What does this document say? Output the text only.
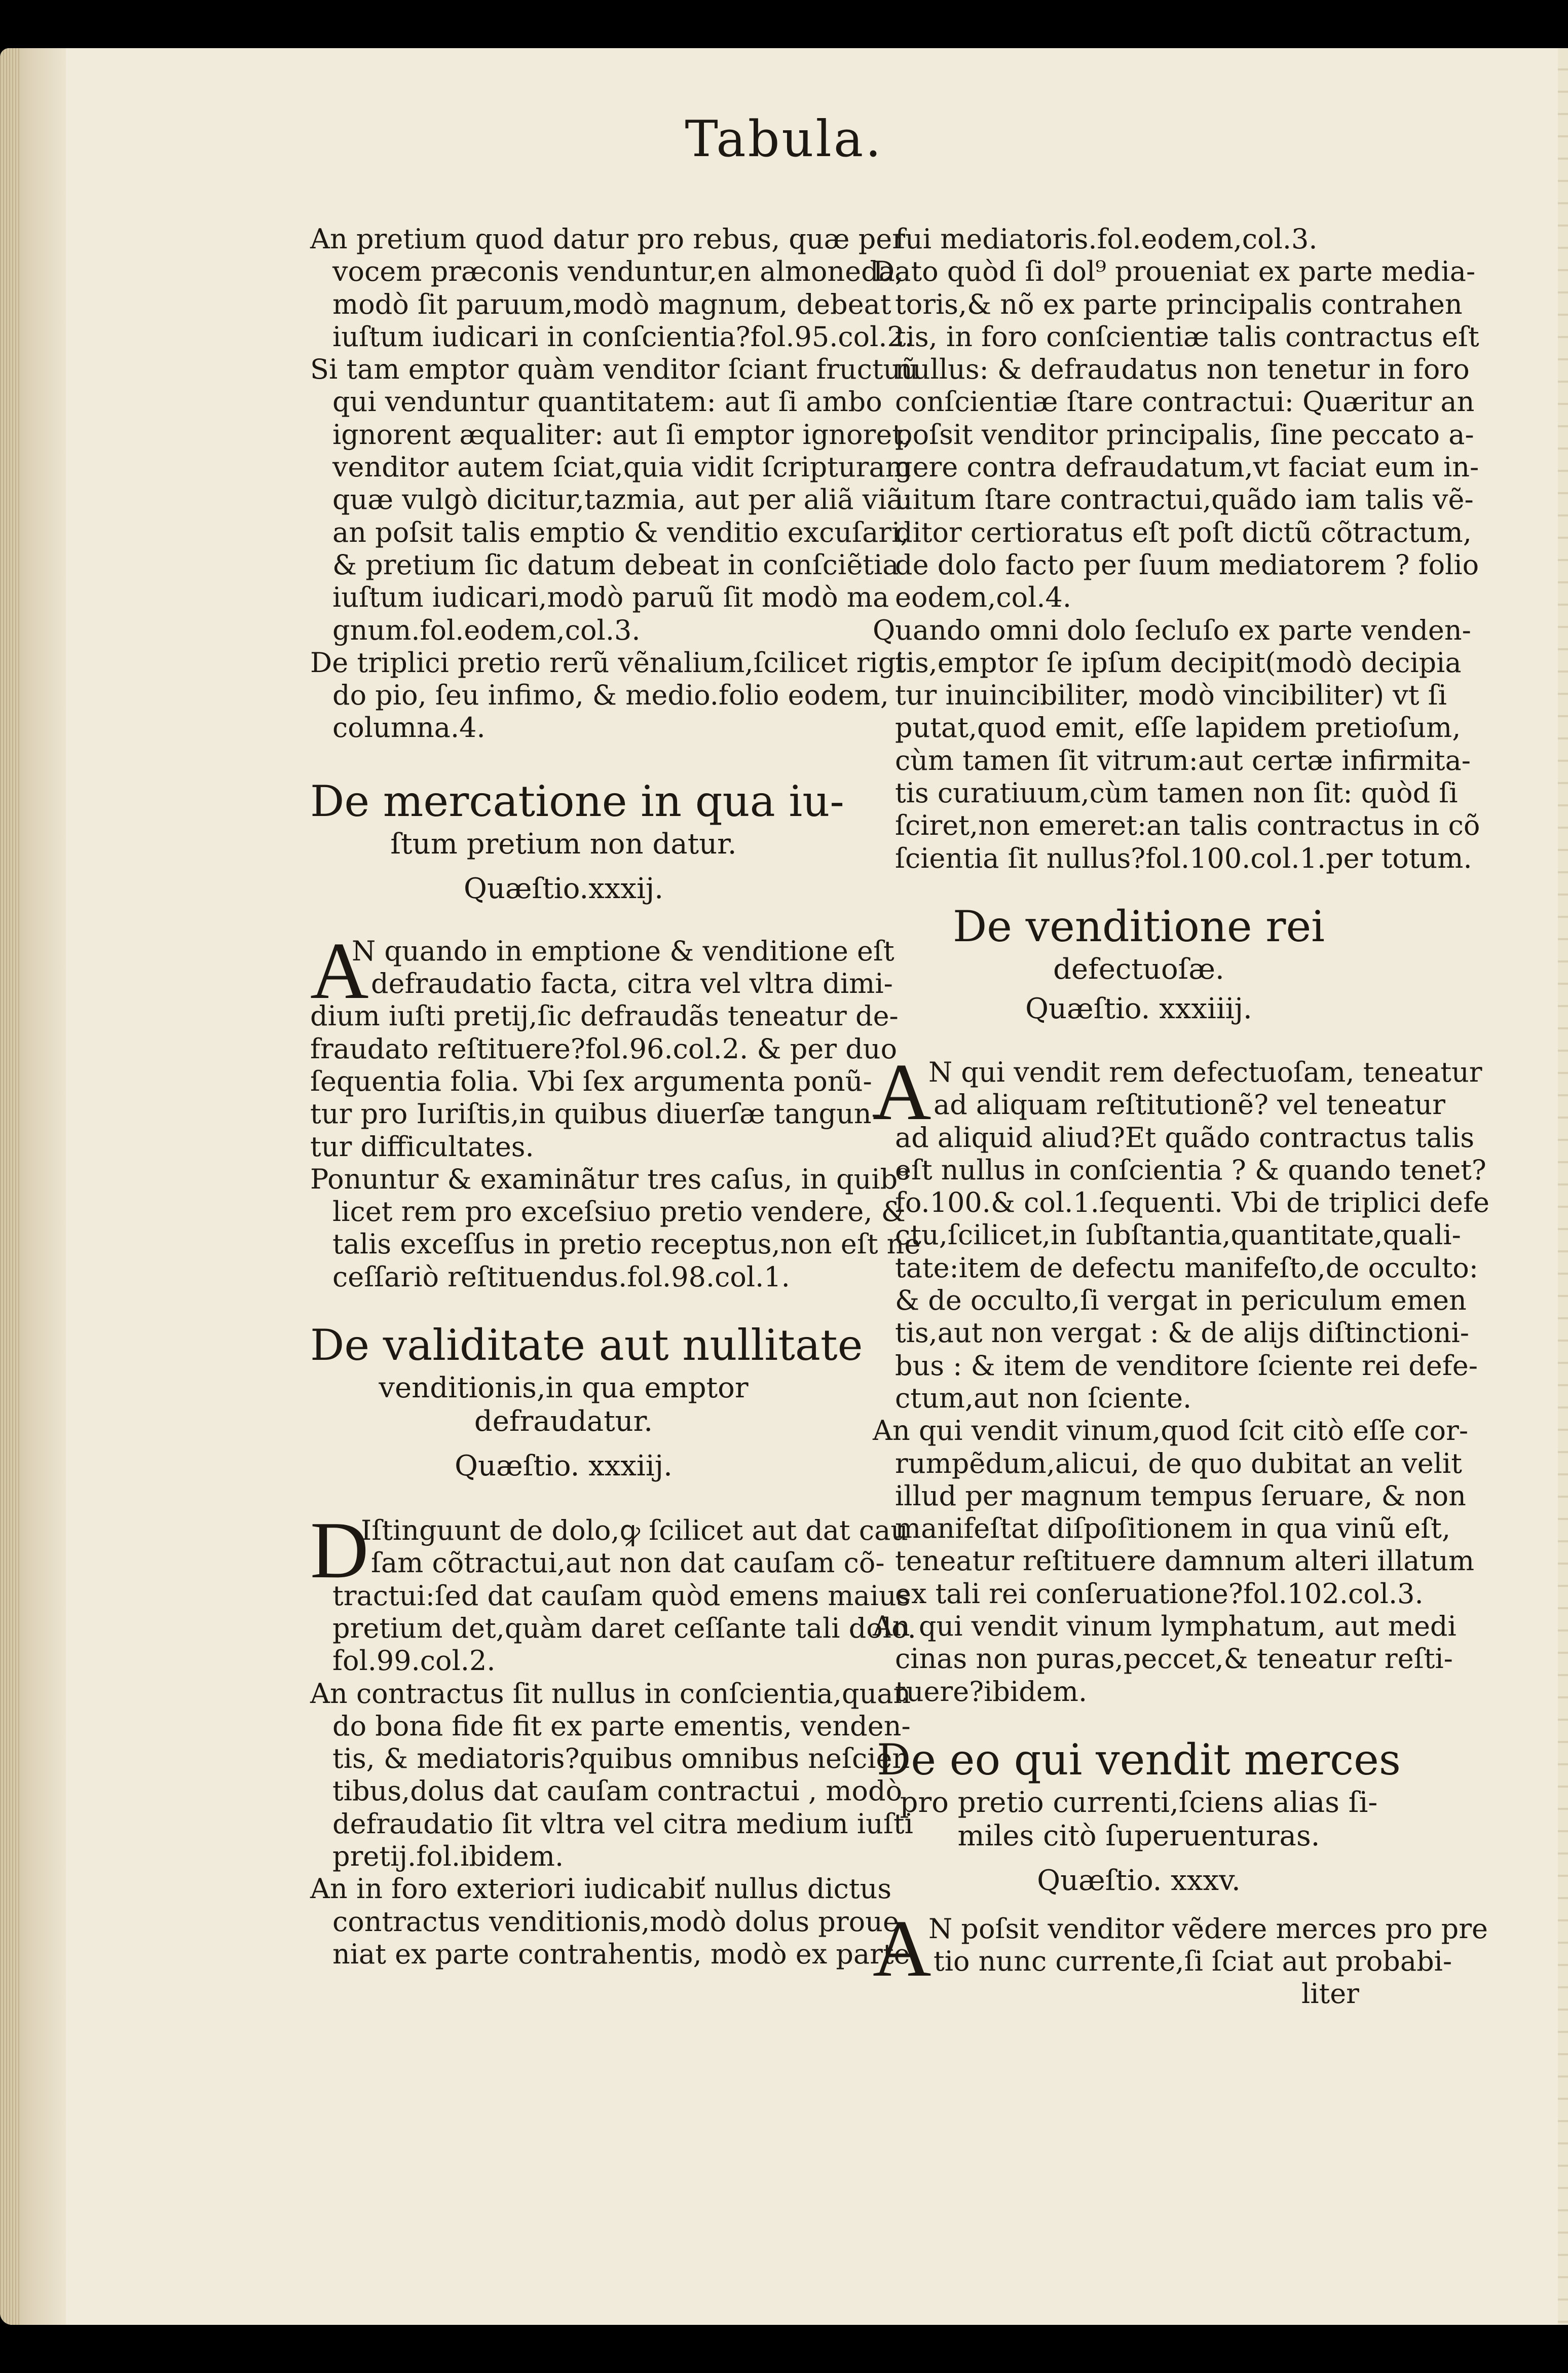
Tabula.

An pretium quod datur pro rebus, quæ per
vocem præconis venduntur,en almoneda,
modò ſit paruum,modò magnum, debeat
iuſtum iudicari in conſcientia?fol.95.col.2.

Si tam emptor quàm venditor ſciant fructuũ
qui venduntur quantitatem: aut ſi ambo
ignorent æqualiter: aut ſi emptor ignoret,
venditor autem ſciat,quia vidit ſcripturam
quæ vulgò dicitur,tazmia, aut per aliã viã:
an poſsit talis emptio & venditio excuſari,
& pretium ſic datum debeat in conſciẽtia
iuſtum iudicari,modò paruũ ſit modò ma
gnum.fol.eodem,col.3.

De triplici pretio rerũ vẽnalium,ſcilicet rigi
do pio, ſeu infimo, & medio.folio eodem,
columna.4.

De mercatione in qua iu-
ſtum pretium non datur.
Quæſtio.xxxij.
A
N quando in emptione & venditione eſt
defraudatio facta, citra vel vltra dimi-
dium iuſti pretij,ſic defraudãs teneatur de-
fraudato reſtituere?fol.96.col.2. & per duo
ſequentia folia. Vbi ſex argumenta ponũ-
tur pro Iuriſtis,in quibus diuerſæ tangun-
tur difficultates.

Ponuntur & examinãtur tres caſus, in quib⁹
licet rem pro exceſsiuo pretio vendere, &
talis exceſſus in pretio receptus,non eſt ne
ceſſariò reſtituendus.fol.98.col.1.

De validitate aut nullitate
venditionis,in qua emptor
defraudatur.
Quæſtio. xxxiij.
D
Iſtinguunt de dolo,ꝙ ſcilicet aut dat cau
ſam cõtractui,aut non dat cauſam cõ-
tractui:ſed dat cauſam quòd emens maius
pretium det,quàm daret ceſſante tali dolo.
fol.99.col.2.

An contractus ſit nullus in conſcientia,quan
do bona fide fit ex parte ementis, venden-
tis, & mediatoris?quibus omnibus neſcien
tibus,dolus dat cauſam contractui , modò
defraudatio ſit vltra vel citra medium iuſti
pretij.fol.ibidem.

An in foro exteriori iudicabiť nullus dictus
contractus venditionis,modò dolus proue
niat ex parte contrahentis, modò ex parte

ſui mediatoris.fol.eodem,col.3.

Dato quòd ſi dol⁹ proueniat ex parte media-
toris,& nõ ex parte principalis contrahen
tis, in foro conſcientiæ talis contractus eſt
nullus: & defraudatus non tenetur in foro
conſcientiæ ſtare contractui: Quæritur an
poſsit venditor principalis, ſine peccato a-
gere contra defraudatum,vt faciat eum in-
uitum ſtare contractui,quãdo iam talis vẽ-
ditor certioratus eſt poſt dictũ cõtractum,
de dolo facto per ſuum mediatorem ? folio
eodem,col.4.

Quando omni dolo ſecluſo ex parte venden-
tis,emptor ſe ipſum decipit(modò decipia
tur inuincibiliter, modò vincibiliter) vt ſi
putat,quod emit, eſſe lapidem pretioſum,
cùm tamen ſit vitrum:aut certæ infirmita-
tis curatiuum,cùm tamen non ſit: quòd ſi
ſciret,non emeret:an talis contractus in cõ
ſcientia ſit nullus?fol.100.col.1.per totum.

De venditione rei
defectuoſæ.
Quæſtio. xxxiiij.
A
N qui vendit rem defectuoſam, teneatur
ad aliquam reſtitutionẽ? vel teneatur
ad aliquid aliud?Et quãdo contractus talis
eſt nullus in conſcientia ? & quando tenet?
fo.100.& col.1.ſequenti. Vbi de triplici defe
ctu,ſcilicet,in ſubſtantia,quantitate,quali-
tate:item de defectu manifeſto,de occulto:
& de occulto,ſi vergat in periculum emen
tis,aut non vergat : & de alijs diſtinctioni-
bus : & item de venditore ſciente rei defe-
ctum,aut non ſciente.

An qui vendit vinum,quod ſcit citò eſſe cor-
rumpẽdum,alicui, de quo dubitat an velit
illud per magnum tempus ſeruare, & non
manifeſtat diſpoſitionem in qua vinũ eſt,
teneatur reſtituere damnum alteri illatum
ex tali rei conſeruatione?fol.102.col.3.

An qui vendit vinum lymphatum, aut medi
cinas non puras,peccet,& teneatur reſti-
tuere?ibidem.

De eo qui vendit merces
pro pretio currenti,ſciens alias ſi-
miles citò ſuperuenturas.
Quæſtio. xxxv.
A
N poſsit venditor vẽdere merces pro pre
tio nunc currente,ſi ſciat aut probabi-
liter
